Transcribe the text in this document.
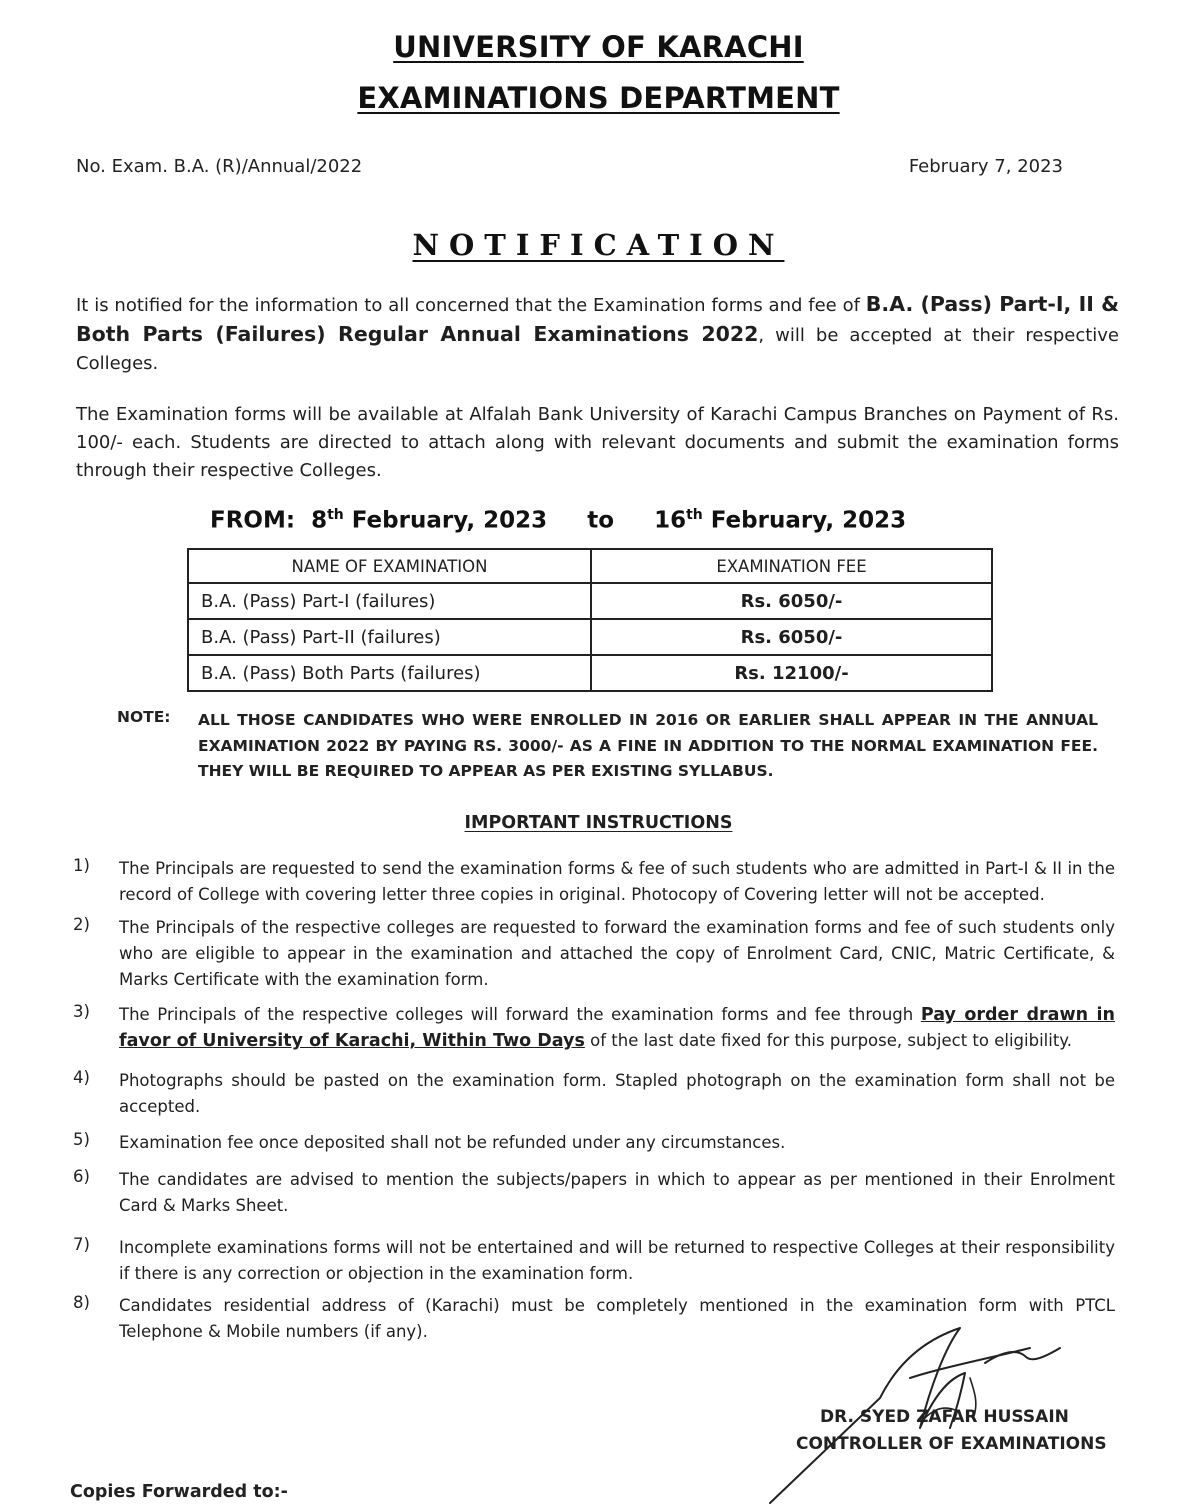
UNIVERSITY OF KARACHI
EXAMINATIONS DEPARTMENT
No. Exam. B.A. (R)/Annual/2022	February 7, 2023
NOTIFICATION
It is notified for the information to all concerned that the Examination forms and fee of B.A. (Pass) Part-I, II & Both Parts (Failures) Regular Annual Examinations 2022, will be accepted at their respective Colleges.
The Examination forms will be available at Alfalah Bank University of Karachi Campus Branches on Payment of Rs. 100/- each. Students are directed to attach along with relevant documents and submit the examination forms through their respective Colleges.
FROM: 8th February, 2023 to 16th February, 2023
NAME OF EXAMINATION	EXAMINATION FEE
B.A. (Pass) Part-I (failures)	Rs. 6050/-
B.A. (Pass) Part-II (failures)	Rs. 6050/-
B.A. (Pass) Both Parts (failures)	Rs. 12100/-
NOTE: ALL THOSE CANDIDATES WHO WERE ENROLLED IN 2016 OR EARLIER SHALL APPEAR IN THE ANNUAL EXAMINATION 2022 BY PAYING RS. 3000/- AS A FINE IN ADDITION TO THE NORMAL EXAMINATION FEE. THEY WILL BE REQUIRED TO APPEAR AS PER EXISTING SYLLABUS.
IMPORTANT INSTRUCTIONS
1) The Principals are requested to send the examination forms & fee of such students who are admitted in Part-I & II in the record of College with covering letter three copies in original. Photocopy of Covering letter will not be accepted.
2) The Principals of the respective colleges are requested to forward the examination forms and fee of such students only who are eligible to appear in the examination and attached the copy of Enrolment Card, CNIC, Matric Certificate, & Marks Certificate with the examination form.
3) The Principals of the respective colleges will forward the examination forms and fee through Pay order drawn in favor of University of Karachi, Within Two Days of the last date fixed for this purpose, subject to eligibility.
4) Photographs should be pasted on the examination form. Stapled photograph on the examination form shall not be accepted.
5) Examination fee once deposited shall not be refunded under any circumstances.
6) The candidates are advised to mention the subjects/papers in which to appear as per mentioned in their Enrolment Card & Marks Sheet.
7) Incomplete examinations forms will not be entertained and will be returned to respective Colleges at their responsibility if there is any correction or objection in the examination form.
8) Candidates residential address of (Karachi) must be completely mentioned in the examination form with PTCL Telephone & Mobile numbers (if any).
DR. SYED ZAFAR HUSSAIN
CONTROLLER OF EXAMINATIONS
Copies Forwarded to:-
